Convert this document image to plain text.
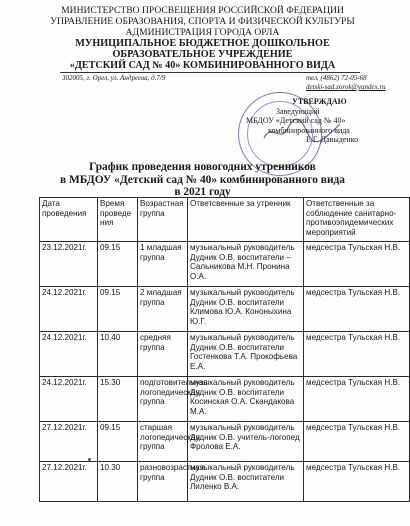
МИНИСТЕРСТВО ПРОСВЕЩЕНИЯ РОССИЙСКОЙ ФЕДЕРАЦИИ
УПРАВЛЕНИЕ ОБРАЗОВАНИЯ, СПОРТА И ФИЗИЧЕСКОЙ КУЛЬТУРЫ
АДМИНИСТРАЦИЯ ГОРОДА ОРЛА
МУНИЦИПАЛЬНОЕ БЮДЖЕТНОЕ ДОШКОЛЬНОЕ
ОБРАЗОВАТЕЛЬНОЕ УЧРЕЖДЕНИЕ
«ДЕТСКИЙ САД № 40» КОМБИНИРОВАННОГО ВИДА
302005, г. Орел, ул. Андреева, д.7/9	тел. (4862) 72-05-68
detski-sad.zorok@yandex.ru
УТВЕРЖДАЮ
Заведующий
МБДОУ «Детский сад № 40»
комбинированного вида
Е.Г. Давыденко
График проведения новогодних утренников
в МБДОУ «Детский сад № 40» комбинированного вида
в 2021 году
Дата проведения	Время проведе ния	Возрастная группа	Ответсвенные за утренник	Ответственные за соблюдение санитарно-противоэпидемических мероприятий
23.12.2021г.	09.15	1 младшая группа	музыкальный руководитель Дудник О.В. воспитатели – Сальникова М.Н. Пронина О.А.	медсестра Тульская Н.В.
24.12.2021г.	09.15	2 младшая группа	музыкальный руководитель Дудник О.В. воспитатели Климова Ю.А. Кононыхина Ю.Г.	медсестра Тульская Н.В.
24.12.2021г.	10.40	средняя группа	музыкальный руководитель Дудник О.В. воспитатели Гостенкова Т.А. Прокофьева Е.А.	медсестра Тульская Н.В.
24.12.2021г.	15.30	подготовительная логопедическая группа	музыкальный руководитель Дудник О.В. воспитатели Косинская О.А. Скандакова М.А.	медсестра Тульская Н.В.
27.12.2021г.	09.15	старшая логопедическая группа	музыкальный руководитель Дудник О.В. учитель-логопед Фролова Е.А.	медсестра Тульская Н.В.
27.12.2021г.	10.30	разновозрастная группа	музыкальный руководитель Дудник О.В. воспитатели Лиленко В.А.	медсестра Тульская Н.В.
